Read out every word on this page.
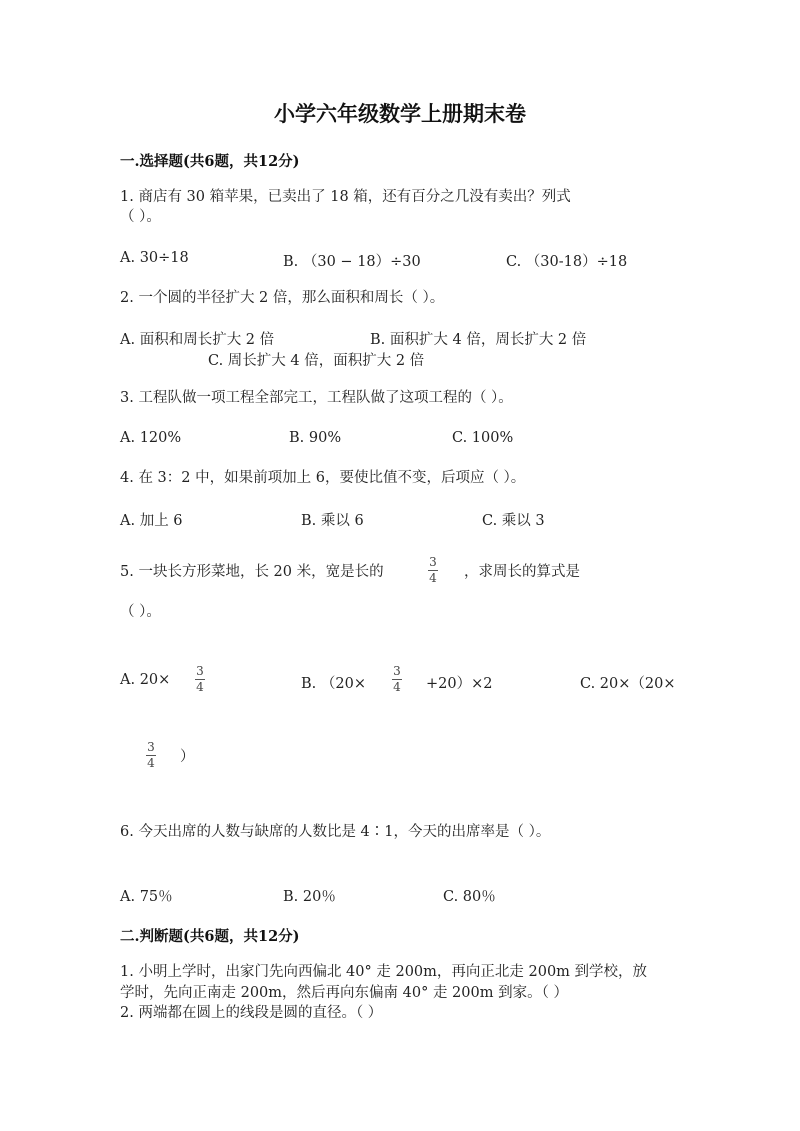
小学六年级数学上册期末卷
一.选择题(共6题，共12分)
1. 商店有 30 箱苹果，已卖出了 18 箱，还有百分之几没有卖出？列式
（ ）。
A. 30÷18	B. （30 − 18）÷30	C. （30-18）÷18
2. 一个圆的半径扩大 2 倍，那么面积和周长（ ）。
A. 面积和周长扩大 2 倍	B. 面积扩大 4 倍，周长扩大 2 倍
C. 周长扩大 4 倍，面积扩大 2 倍
3. 工程队做一项工程全部完工，工程队做了这项工程的（ ）。
A. 120%	B. 90%	C. 100%
4. 在 3：2 中，如果前项加上 6，要使比值不变，后项应（ ）。
A. 加上 6	B. 乘以 6	C. 乘以 3
5. 一块长方形菜地，长 20 米，宽是长的
3
4 ，求周长的算式是
（ ）。
A. 20×
3
4	B. （20×
3
4 +20）×2	C. 20×（20×
3
4 ）
6. 今天出席的人数与缺席的人数比是 4∶1，今天的出席率是（ ）。
A. 75％	B. 20％	C. 80％
二.判断题(共6题，共12分)
1. 小明上学时，出家门先向西偏北 40° 走 200m，再向正北走 200m 到学校，放
学时，先向正南走 200m，然后再向东偏南 40° 走 200m 到家。（ ）
2. 两端都在圆上的线段是圆的直径。（ ）
